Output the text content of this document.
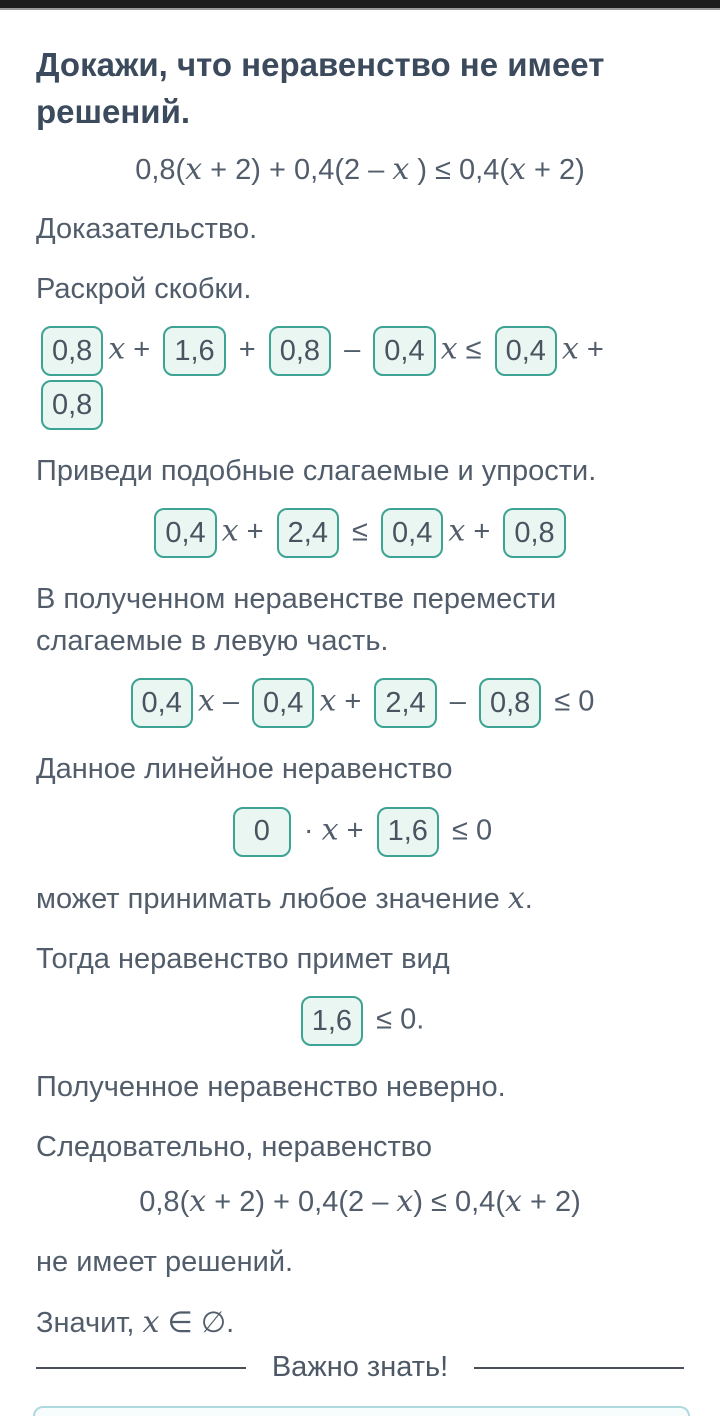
Докажи, что неравенство не имеет решений.
0,8(x + 2) + 0,4(2 – x ) ≤ 0,4(x + 2)
Доказательство.
Раскрой скобки.
0,8 x + 1,6 + 0,8 – 0,4 x ≤ 0,4 x +
0,8
Приведи подобные слагаемые и упрости.
0,4 x + 2,4 ≤ 0,4 x + 0,8
В полученном неравенстве перемести слагаемые в левую часть.
0,4 x – 0,4 x + 2,4 – 0,8 ≤ 0
Данное линейное неравенство
0 · x + 1,6 ≤ 0
может принимать любое значение x.
Тогда неравенство примет вид
1,6 ≤ 0.
Полученное неравенство неверно.
Следовательно, неравенство
0,8(x + 2) + 0,4(2 – x) ≤ 0,4(x + 2)
не имеет решений.
Значит, x ∈ ∅.
Важно знать!
